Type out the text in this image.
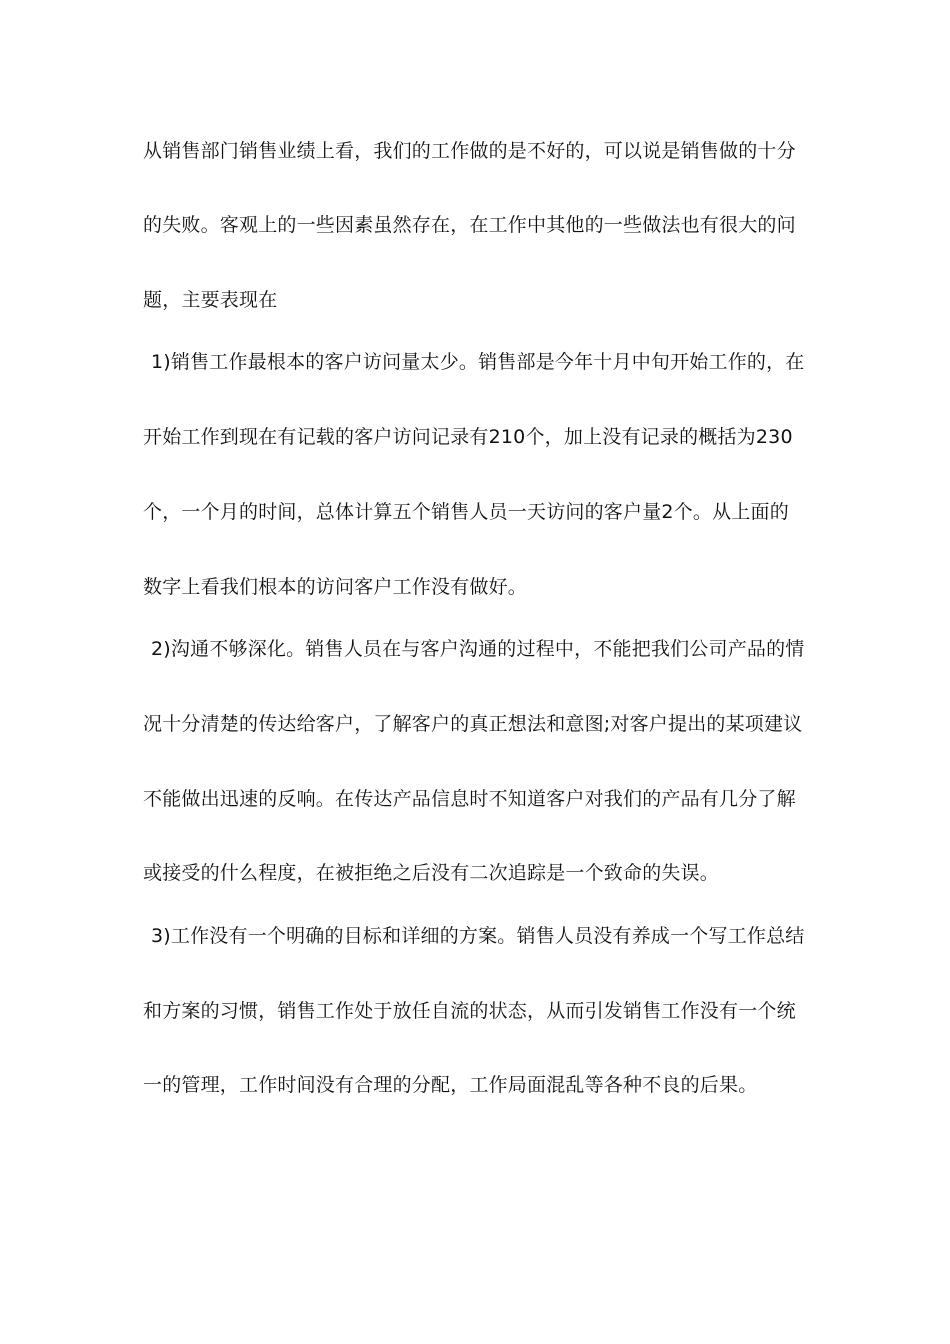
从销售部门销售业绩上看，我们的工作做的是不好的，可以说是销售做的十分
的失败。客观上的一些因素虽然存在，在工作中其他的一些做法也有很大的问
题，主要表现在
1)销售工作最根本的客户访问量太少。销售部是今年十月中旬开始工作的，在
开始工作到现在有记载的客户访问记录有210个，加上没有记录的概括为230
个，一个月的时间，总体计算五个销售人员一天访问的客户量2个。从上面的
数字上看我们根本的访问客户工作没有做好。
2)沟通不够深化。销售人员在与客户沟通的过程中，不能把我们公司产品的情
况十分清楚的传达给客户，了解客户的真正想法和意图;对客户提出的某项建议
不能做出迅速的反响。在传达产品信息时不知道客户对我们的产品有几分了解
或接受的什么程度，在被拒绝之后没有二次追踪是一个致命的失误。
3)工作没有一个明确的目标和详细的方案。销售人员没有养成一个写工作总结
和方案的习惯，销售工作处于放任自流的状态，从而引发销售工作没有一个统
一的管理，工作时间没有合理的分配，工作局面混乱等各种不良的后果。
